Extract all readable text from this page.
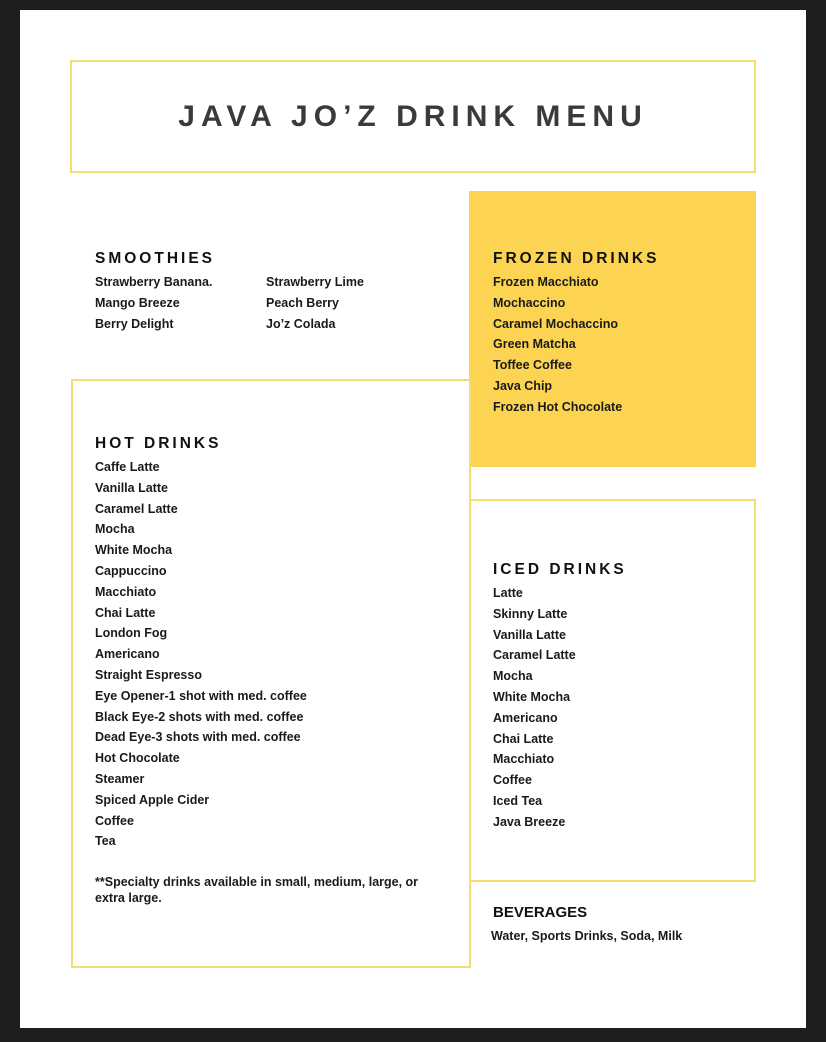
JAVA JO’Z DRINK MENU
SMOOTHIES
Strawberry Banana.
Mango Breeze
Berry Delight
Strawberry Lime
Peach Berry
Jo’z Colada
FROZEN DRINKS
Frozen Macchiato
Mochaccino
Caramel Mochaccino
Green Matcha
Toffee Coffee
Java Chip
Frozen Hot Chocolate
HOT DRINKS
Caffe Latte
Vanilla Latte
Caramel Latte
Mocha
White Mocha
Cappuccino
Macchiato
Chai Latte
London Fog
Americano
Straight Espresso
Eye Opener-1 shot with med. coffee
Black Eye-2 shots with med. coffee
Dead Eye-3 shots with med. coffee
Hot Chocolate
Steamer
Spiced Apple Cider
Coffee
Tea
**Specialty drinks available in small, medium, large, or extra large.
ICED DRINKS
Latte
Skinny Latte
Vanilla Latte
Caramel Latte
Mocha
White Mocha
Americano
Chai Latte
Macchiato
Coffee
Iced Tea
Java Breeze
BEVERAGES
Water, Sports Drinks, Soda, Milk
